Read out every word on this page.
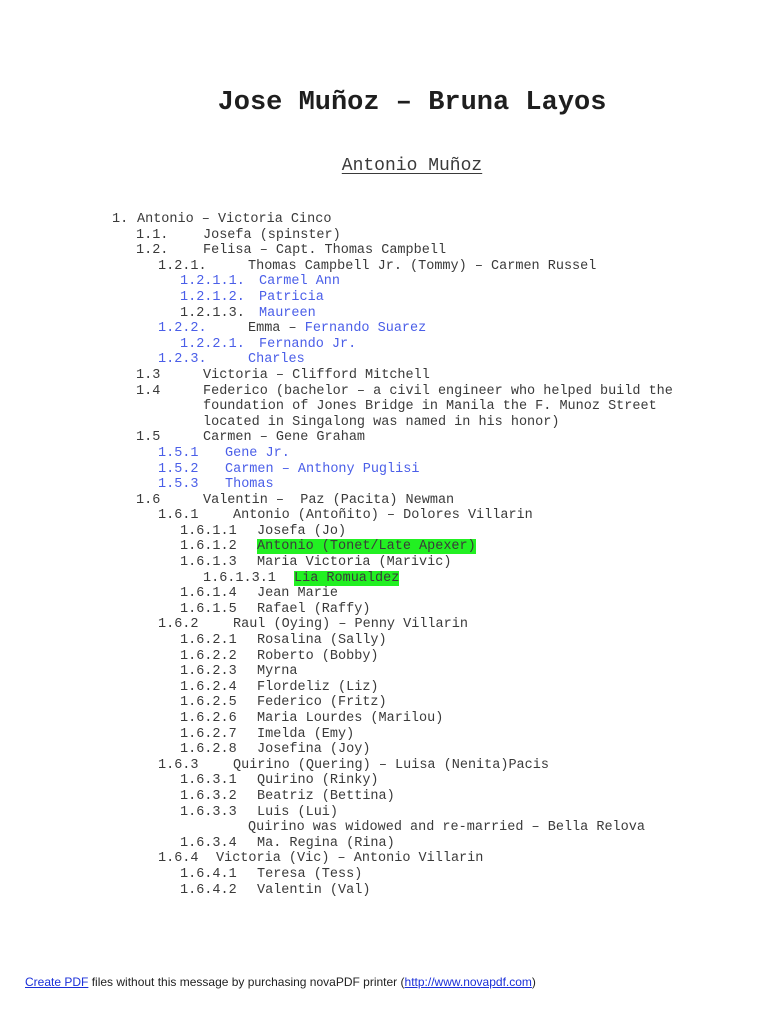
Jose Muñoz – Bruna Layos
Antonio Muñoz
1. Antonio – Victoria Cinco
1.1.	Josefa (spinster)
1.2.	Felisa – Capt. Thomas Campbell
1.2.1.	Thomas Campbell Jr. (Tommy) – Carmen Russel
1.2.1.1. Carmel Ann
1.2.1.2. Patricia
1.2.1.3. Maureen
1.2.2.	Emma – Fernando Suarez
1.2.2.1. Fernando Jr.
1.2.3.	Charles
1.3	Victoria – Clifford Mitchell
1.4	Federico (bachelor – a civil engineer who helped build the
foundation of Jones Bridge in Manila the F. Munoz Street
located in Singalong was named in his honor)
1.5	Carmen – Gene Graham
1.5.1 Gene Jr.
1.5.2 Carmen – Anthony Puglisi
1.5.3 Thomas
1.6	Valentin –  Paz (Pacita) Newman
1.6.1	Antonio (Antoñito) – Dolores Villarin
1.6.1.1 Josefa (Jo)
1.6.1.2 Antonio (Tonet/Late Apexer)
1.6.1.3 Maria Victoria (Marivic)
1.6.1.3.1 Lia Romualdez
1.6.1.4 Jean Marie
1.6.1.5 Rafael (Raffy)
1.6.2	Raul (Oying) – Penny Villarin
1.6.2.1 Rosalina (Sally)
1.6.2.2 Roberto (Bobby)
1.6.2.3 Myrna
1.6.2.4 Flordeliz (Liz)
1.6.2.5 Federico (Fritz)
1.6.2.6 Maria Lourdes (Marilou)
1.6.2.7 Imelda (Emy)
1.6.2.8 Josefina (Joy)
1.6.3	Quirino (Quering) – Luisa (Nenita)Pacis
1.6.3.1 Quirino (Rinky)
1.6.3.2 Beatriz (Bettina)
1.6.3.3 Luis (Lui)
Quirino was widowed and re-married – Bella Relova
1.6.3.4 Ma. Regina (Rina)
1.6.4 Victoria (Vic) – Antonio Villarin
1.6.4.1 Teresa (Tess)
1.6.4.2 Valentin (Val)
Create PDF files without this message by purchasing novaPDF printer (http://www.novapdf.com)
